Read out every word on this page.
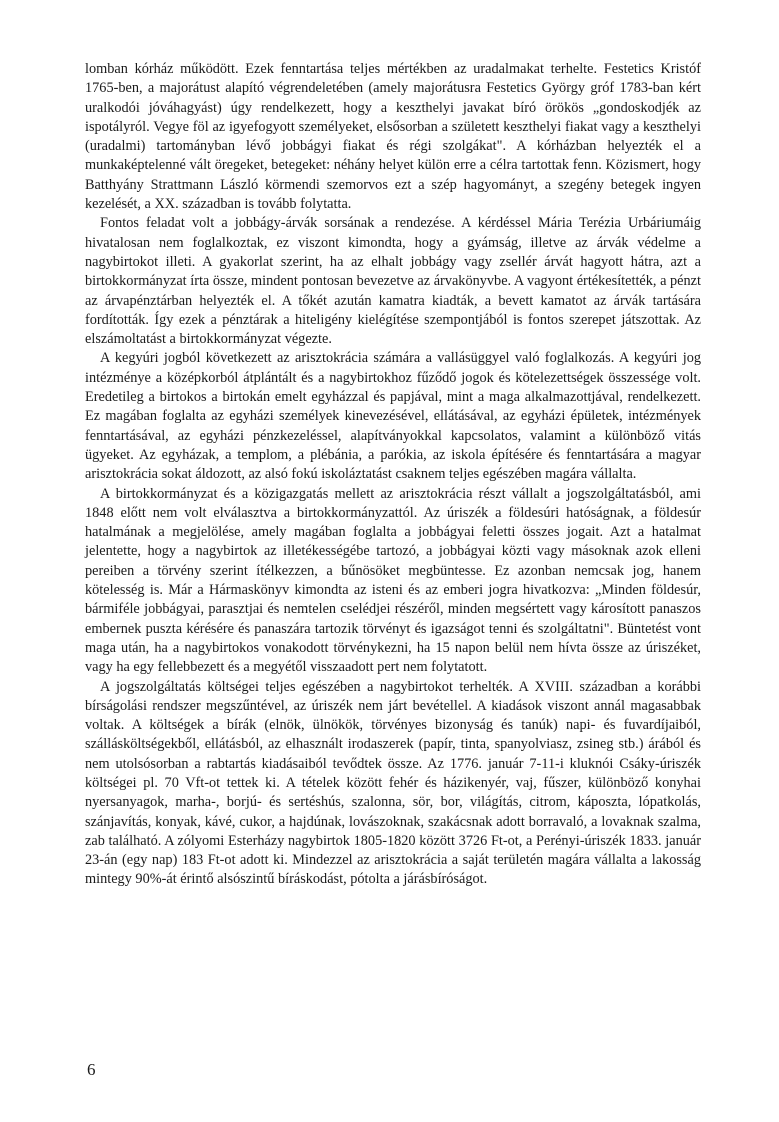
lomban kórház működött. Ezek fenntartása teljes mértékben az uradalmakat terhelte. Festetics Kristóf 1765-ben, a majorátust alapító végrendeletében (amely majorátusra Festetics György gróf 1783-ban kért uralkodói jóváhagyást) úgy rendelkezett, hogy a keszthelyi javakat bíró örökös „gondoskodjék az ispotályról. Vegye föl az igyefogyott személyeket, elsősorban a született keszthelyi fiakat vagy a keszthelyi (uradalmi) tartományban lévő jobbágyi fiakat és régi szolgákat". A kórházban helyezték el a munkaképtelenné vált öregeket, betegeket: néhány helyet külön erre a célra tartottak fenn. Közismert, hogy Batthyány Strattmann László körmendi szemorvos ezt a szép hagyományt, a szegény betegek ingyen kezelését, a XX. században is tovább folytatta.

Fontos feladat volt a jobbágy-árvák sorsának a rendezése. A kérdéssel Mária Terézia Urbáriumáig hivatalosan nem foglalkoztak, ez viszont kimondta, hogy a gyámság, illetve az árvák védelme a nagybirtokot illeti. A gyakorlat szerint, ha az elhalt jobbágy vagy zsellér árvát hagyott hátra, azt a birtokkormányzat írta össze, mindent pontosan bevezetve az árvakönyvbe. A vagyont értékesítették, a pénzt az árvapénztárban helyezték el. A tőkét azután kamatra kiadták, a bevett kamatot az árvák tartására fordították. Így ezek a pénztárak a hiteligény kielégítése szempontjából is fontos szerepet játszottak. Az elszámoltatást a birtokkormányzat végezte.

A kegyúri jogból következett az arisztokrácia számára a vallásüggyel való foglalkozás. A kegyúri jog intézménye a középkorból átplántált és a nagybirtokhoz fűződő jogok és kötelezettségek összessége volt. Eredetileg a birtokos a birtokán emelt egyházzal és papjával, mint a maga alkalmazottjával, rendelkezett. Ez magában foglalta az egyházi személyek kinevezésével, ellátásával, az egyházi épületek, intézmények fenntartásával, az egyházi pénzkezeléssel, alapítványokkal kapcsolatos, valamint a különböző vitás ügyeket. Az egyházak, a templom, a plébánia, a parókia, az iskola építésére és fenntartására a magyar arisztokrácia sokat áldozott, az alsó fokú iskoláztatást csaknem teljes egészében magára vállalta.

A birtokkormányzat és a közigazgatás mellett az arisztokrácia részt vállalt a jogszolgáltatásból, ami 1848 előtt nem volt elválasztva a birtokkormányzattól. Az úriszék a földesúri hatóságnak, a földesúr hatalmának a megjelölése, amely magában foglalta a jobbágyai feletti összes jogait. Azt a hatalmat jelentette, hogy a nagybirtok az illetékességébe tartozó, a jobbágyai közti vagy másoknak azok elleni pereiben a törvény szerint ítélkezzen, a bűnösöket megbüntesse. Ez azonban nemcsak jog, hanem kötelesség is. Már a Hármaskönyv kimondta az isteni és az emberi jogra hivatkozva: „Minden földesúr, bármiféle jobbágyai, parasztjai és nemtelen cselédjei részéről, minden megsértett vagy károsított panaszos embernek puszta kérésére és panaszára tartozik törvényt és igazságot tenni és szolgáltatni". Büntetést vont maga után, ha a nagybirtokos vonakodott törvénykezni, ha 15 napon belül nem hívta össze az úriszéket, vagy ha egy fellebbezett és a megyétől visszaadott pert nem folytatott.

A jogszolgáltatás költségei teljes egészében a nagybirtokot terhelték. A XVIII. században a korábbi bírságolási rendszer megszűntével, az úriszék nem járt bevétellel. A kiadások viszont annál magasabbak voltak. A költségek a bírák (elnök, ülnökök, törvényes bizonyság és tanúk) napi- és fuvardíjaiból, szállásköltségekből, ellátásból, az elhasznált irodaszerek (papír, tinta, spanyolviasz, zsineg stb.) árából és nem utolsósorban a rabtartás kiadásaiból tevődtek össze. Az 1776. január 7-11-i kluknói Csáky-úriszék költségei pl. 70 Vft-ot tettek ki. A tételek között fehér és házikenyér, vaj, fűszer, különböző konyhai nyersanyagok, marha-, borjú- és sertéshús, szalonna, sör, bor, világítás, citrom, káposzta, lópatkolás, szánjavítás, konyak, kávé, cukor, a hajdúnak, lovászoknak, szakácsnak adott borravaló, a lovaknak szalma, zab található. A zólyomi Esterházy nagybirtok 1805-1820 között 3726 Ft-ot, a Perényi-úriszék 1833. január 23-án (egy nap) 183 Ft-ot adott ki. Mindezzel az arisztokrácia a saját területén magára vállalta a lakosság mintegy 90%-át érintő alsószintű bíráskodást, pótolta a járásbíróságot.

6
